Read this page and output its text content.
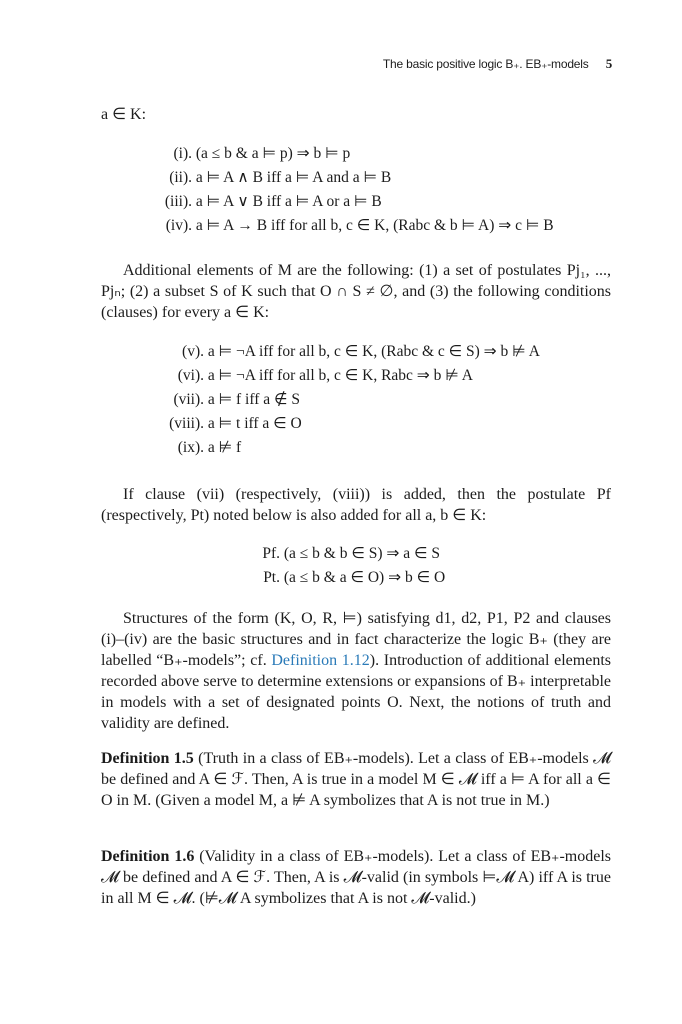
The basic positive logic B₊. EB₊-models 5
a ∈ K:
(i). (a ≤ b & a ⊨ p) ⇒ b ⊨ p
(ii). a ⊨ A ∧ B iff a ⊨ A and a ⊨ B
(iii). a ⊨ A ∨ B iff a ⊨ A or a ⊨ B
(iv). a ⊨ A → B iff for all b, c ∈ K, (Rabc & b ⊨ A) ⇒ c ⊨ B
Additional elements of M are the following: (1) a set of postulates Pj₁, ..., Pjₙ; (2) a subset S of K such that O ∩ S ≠ ∅, and (3) the following conditions (clauses) for every a ∈ K:
(v). a ⊨ ¬A iff for all b, c ∈ K, (Rabc & c ∈ S) ⇒ b ⊭ A
(vi). a ⊨ ¬A iff for all b, c ∈ K, Rabc ⇒ b ⊭ A
(vii). a ⊨ f iff a ∉ S
(viii). a ⊨ t iff a ∈ O
(ix). a ⊭ f
If clause (vii) (respectively, (viii)) is added, then the postulate Pf (respectively, Pt) noted below is also added for all a, b ∈ K:
Pf. (a ≤ b & b ∈ S) ⇒ a ∈ S
Pt. (a ≤ b & a ∈ O) ⇒ b ∈ O
Structures of the form (K, O, R, ⊨) satisfying d1, d2, P1, P2 and clauses (i)–(iv) are the basic structures and in fact characterize the logic B₊ (they are labelled “B₊-models”; cf. Definition 1.12). Introduction of additional elements recorded above serve to determine extensions or expansions of B₊ interpretable in models with a set of designated points O. Next, the notions of truth and validity are defined.
Definition 1.5 (Truth in a class of EB₊-models). Let a class of EB₊-models 𝓜 be defined and A ∈ ℱ. Then, A is true in a model M ∈ 𝓜 iff a ⊨ A for all a ∈ O in M. (Given a model M, a ⊭ A symbolizes that A is not true in M.)
Definition 1.6 (Validity in a class of EB₊-models). Let a class of EB₊-models 𝓜 be defined and A ∈ ℱ. Then, A is 𝓜-valid (in symbols ⊨𝓜 A) iff A is true in all M ∈ 𝓜. (⊭𝓜 A symbolizes that A is not 𝓜-valid.)
